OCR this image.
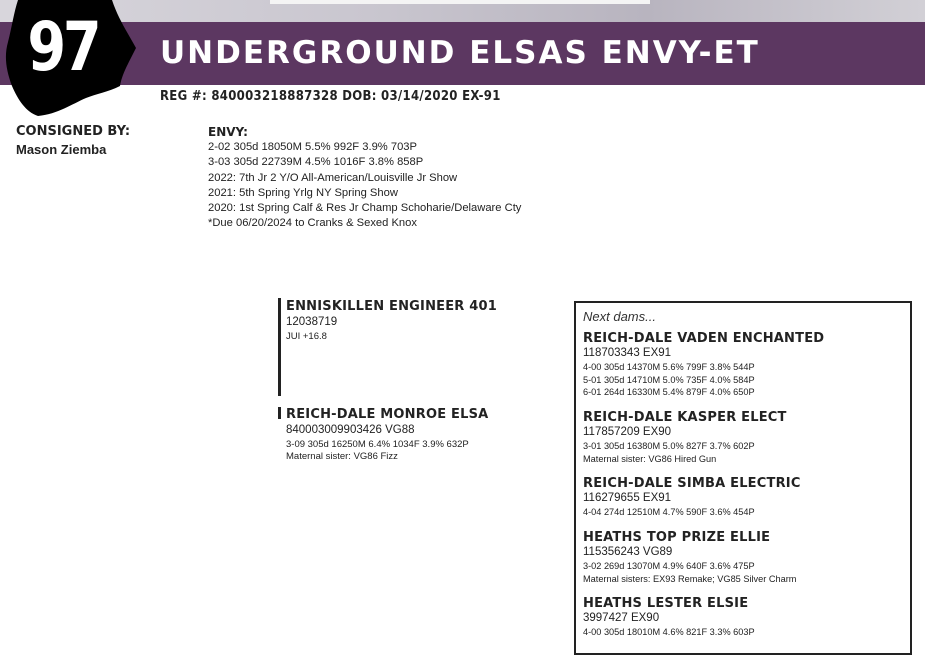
UNDERGROUND ELSAS ENVY-ET
97
REG #: 840003218887328 DOB: 03/14/2020 EX-91
CONSIGNED BY:
Mason Ziemba
ENVY:
2-02 305d 18050M 5.5% 992F 3.9% 703P
3-03 305d 22739M 4.5% 1016F 3.8% 858P
2022: 7th Jr 2 Y/O All-American/Louisville Jr Show
2021: 5th Spring Yrlg NY Spring Show
2020: 1st Spring Calf & Res Jr Champ Schoharie/Delaware Cty
*Due 06/20/2024 to Cranks & Sexed Knox
ENNISKILLEN ENGINEER 401
12038719
JUI +16.8
REICH-DALE MONROE ELSA
840003009903426 VG88
3-09 305d 16250M 6.4% 1034F 3.9% 632P
Maternal sister: VG86 Fizz
Next dams...
REICH-DALE VADEN ENCHANTED
118703343 EX91
4-00 305d 14370M 5.6% 799F 3.8% 544P
5-01 305d 14710M 5.0% 735F 4.0% 584P
6-01 264d 16330M 5.4% 879F 4.0% 650P
REICH-DALE KASPER ELECT
117857209 EX90
3-01 305d 16380M 5.0% 827F 3.7% 602P
Maternal sister: VG86 Hired Gun
REICH-DALE SIMBA ELECTRIC
116279655 EX91
4-04 274d 12510M 4.7% 590F 3.6% 454P
HEATHS TOP PRIZE ELLIE
115356243 VG89
3-02 269d 13070M 4.9% 640F 3.6% 475P
Maternal sisters: EX93 Remake; VG85 Silver Charm
HEATHS LESTER ELSIE
3997427 EX90
4-00 305d 18010M 4.6% 821F 3.3% 603P
